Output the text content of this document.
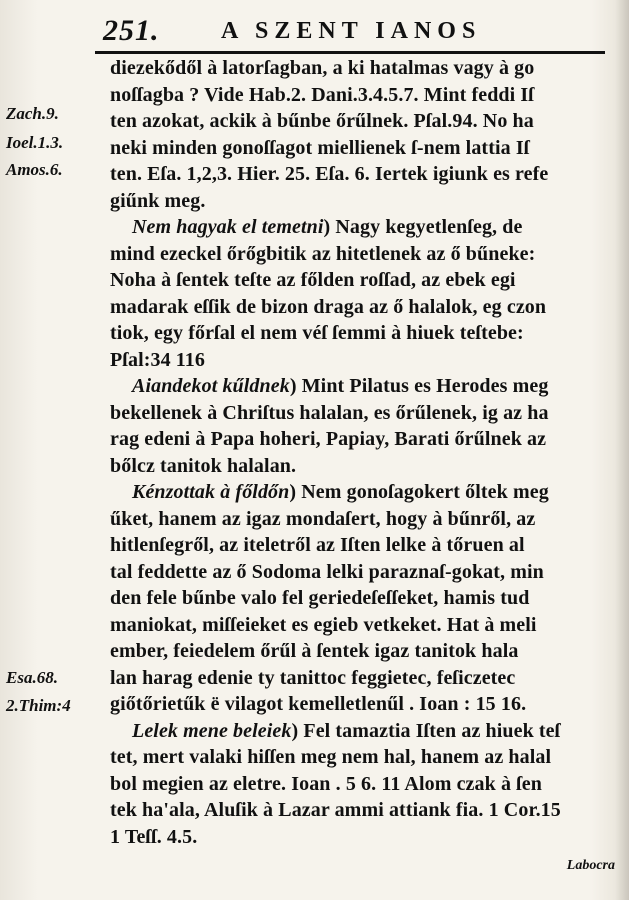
251.	A SZENT IANOS
Zach.9.
Ioel.1.3.
Amos.6.
Esa.68.
2.Thim:4
diezekődől à latorſagban, a ki hatalmas vagy à go
noſſagba ? Vide Hab.2. Dani.3.4.5.7. Mint feddi Iſ
ten azokat, ackik à bűnbe őrűlnek. Pſal.94. No ha
neki minden gonoſſagot miellienek ſ-nem lattia Iſ
ten. Eſa. 1,2,3. Hier. 25. Eſa. 6. Iertek igiunk es refe
giűnk meg.
Nem hagyak el temetni) Nagy kegyetlenſeg, de
mind ezeckel őrőgbitik az hitetlenek az ő bűneke:
Noha à ſentek teſte az főlden roſſad, az ebek egi
madarak eſſik de bizon draga az ő halalok, eg czon
tiok, egy főrſal el nem véſ ſemmi à hiuek teſtebe:
Pſal:34 116
Aiandekot kűldnek) Mint Pilatus es Herodes meg
bekellenek à Chriſtus halalan, es őrűlenek, ig az ha
rag edeni à Papa hoheri, Papiay, Barati őrűlnek az
bőlcz tanitok halalan.
Kénzottak à főldőn) Nem gonoſagokert őltek meg
űket, hanem az igaz mondaſert, hogy à bűnről, az
hitlenſegről, az iteletről az Iſten lelke à tőruen al
tal feddette az ő Sodoma lelki paraznaſ-gokat, min
den fele bűnbe valo fel geriedeſeſſeket, hamis tud
maniokat, miſſeieket es egieb vetkeket. Hat à meli
ember, feiedelem őrűl à ſentek igaz tanitok hala
lan harag edenie ty tanittoc feggietec, feſiczetec
giőtőrietűk ë vilagot kemelletlenűl . Ioan : 15 16.
Lelek mene beleiek) Fel tamaztia Iſten az hiuek teſ
tet, mert valaki hiſſen meg nem hal, hanem az halal
bol megien az eletre. Ioan . 5 6. 11 Alom czak à ſen
tek ha'ala, Aluſik à Lazar ammi attiank fia. 1 Cor.15
1 Teſſ. 4.5.
Labocra
